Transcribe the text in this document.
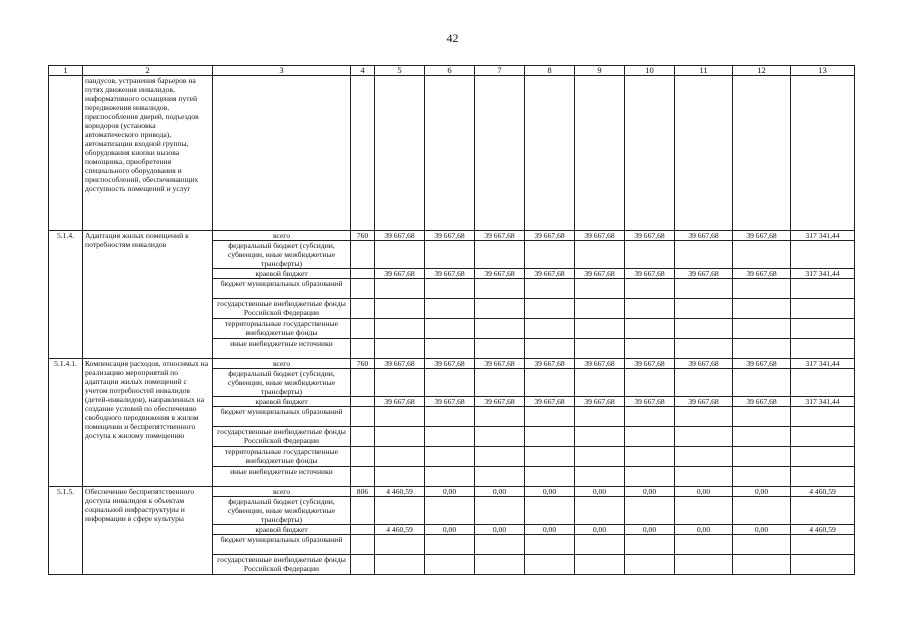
42
1	2	3	4	5	6	7	8	9	10	11	12	13
	пандусов, устранения барьеров на путях движения инвалидов, информативного оснащения путей передвижения инвалидов, приспособления дверей, подъездов коридоров (установка автоматического привода), автоматизации входной группы, оборудования кнопки вызова помощника, приобретения специального оборудования и приспособлений, обеспечивающих доступность помещений и услуг											
5.1.4.	Адаптация жилых помещений к потребностям инвалидов	всего	760	39 667,68	39 667,68	39 667,68	39 667,68	39 667,68	39 667,68	39 667,68	39 667,68	317 341,44
		федеральный бюджет (субсидии, субвенции, иные межбюджетные трансферты)										
		краевой бюджет		39 667,68	39 667,68	39 667,68	39 667,68	39 667,68	39 667,68	39 667,68	39 667,68	317 341,44
		бюджет муниципальных образований										
		государственные внебюджетные фонды Российской Федерации										
		территориальные государственные внебюджетные фонды										
		иные внебюджетные источники										
5.1.4.1.	Компенсация расходов, относимых на реализацию мероприятий по адаптации жилых помещений с учетом потребностей инвалидов (детей-инвалидов), направленных на создание условий по обеспечению свободного передвижения в жилом помещении и беспрепятственного доступа к жилому помещению	всего	760	39 667,68	39 667,68	39 667,68	39 667,68	39 667,68	39 667,68	39 667,68	39 667,68	317 341,44
		федеральный бюджет (субсидии, субвенции, иные межбюджетные трансферты)										
		краевой бюджет		39 667,68	39 667,68	39 667,68	39 667,68	39 667,68	39 667,68	39 667,68	39 667,68	317 341,44
		бюджет муниципальных образований										
		государственные внебюджетные фонды Российской Федерации										
		территориальные государственные внебюджетные фонды										
		иные внебюджетные источники										
5.1.5.	Обеспечение беспрепятственного доступа инвалидов к объектам социальной инфраструктуры и информации в сфере культуры	всего	806	4 460,59	0,00	0,00	0,00	0,00	0,00	0,00	0,00	4 460,59
		федеральный бюджет (субсидии, субвенции, иные межбюджетные трансферты)										
		краевой бюджет		4 460,59	0,00	0,00	0,00	0,00	0,00	0,00	0,00	4 460,59
		бюджет муниципальных образований										
		государственные внебюджетные фонды Российской Федерации										
